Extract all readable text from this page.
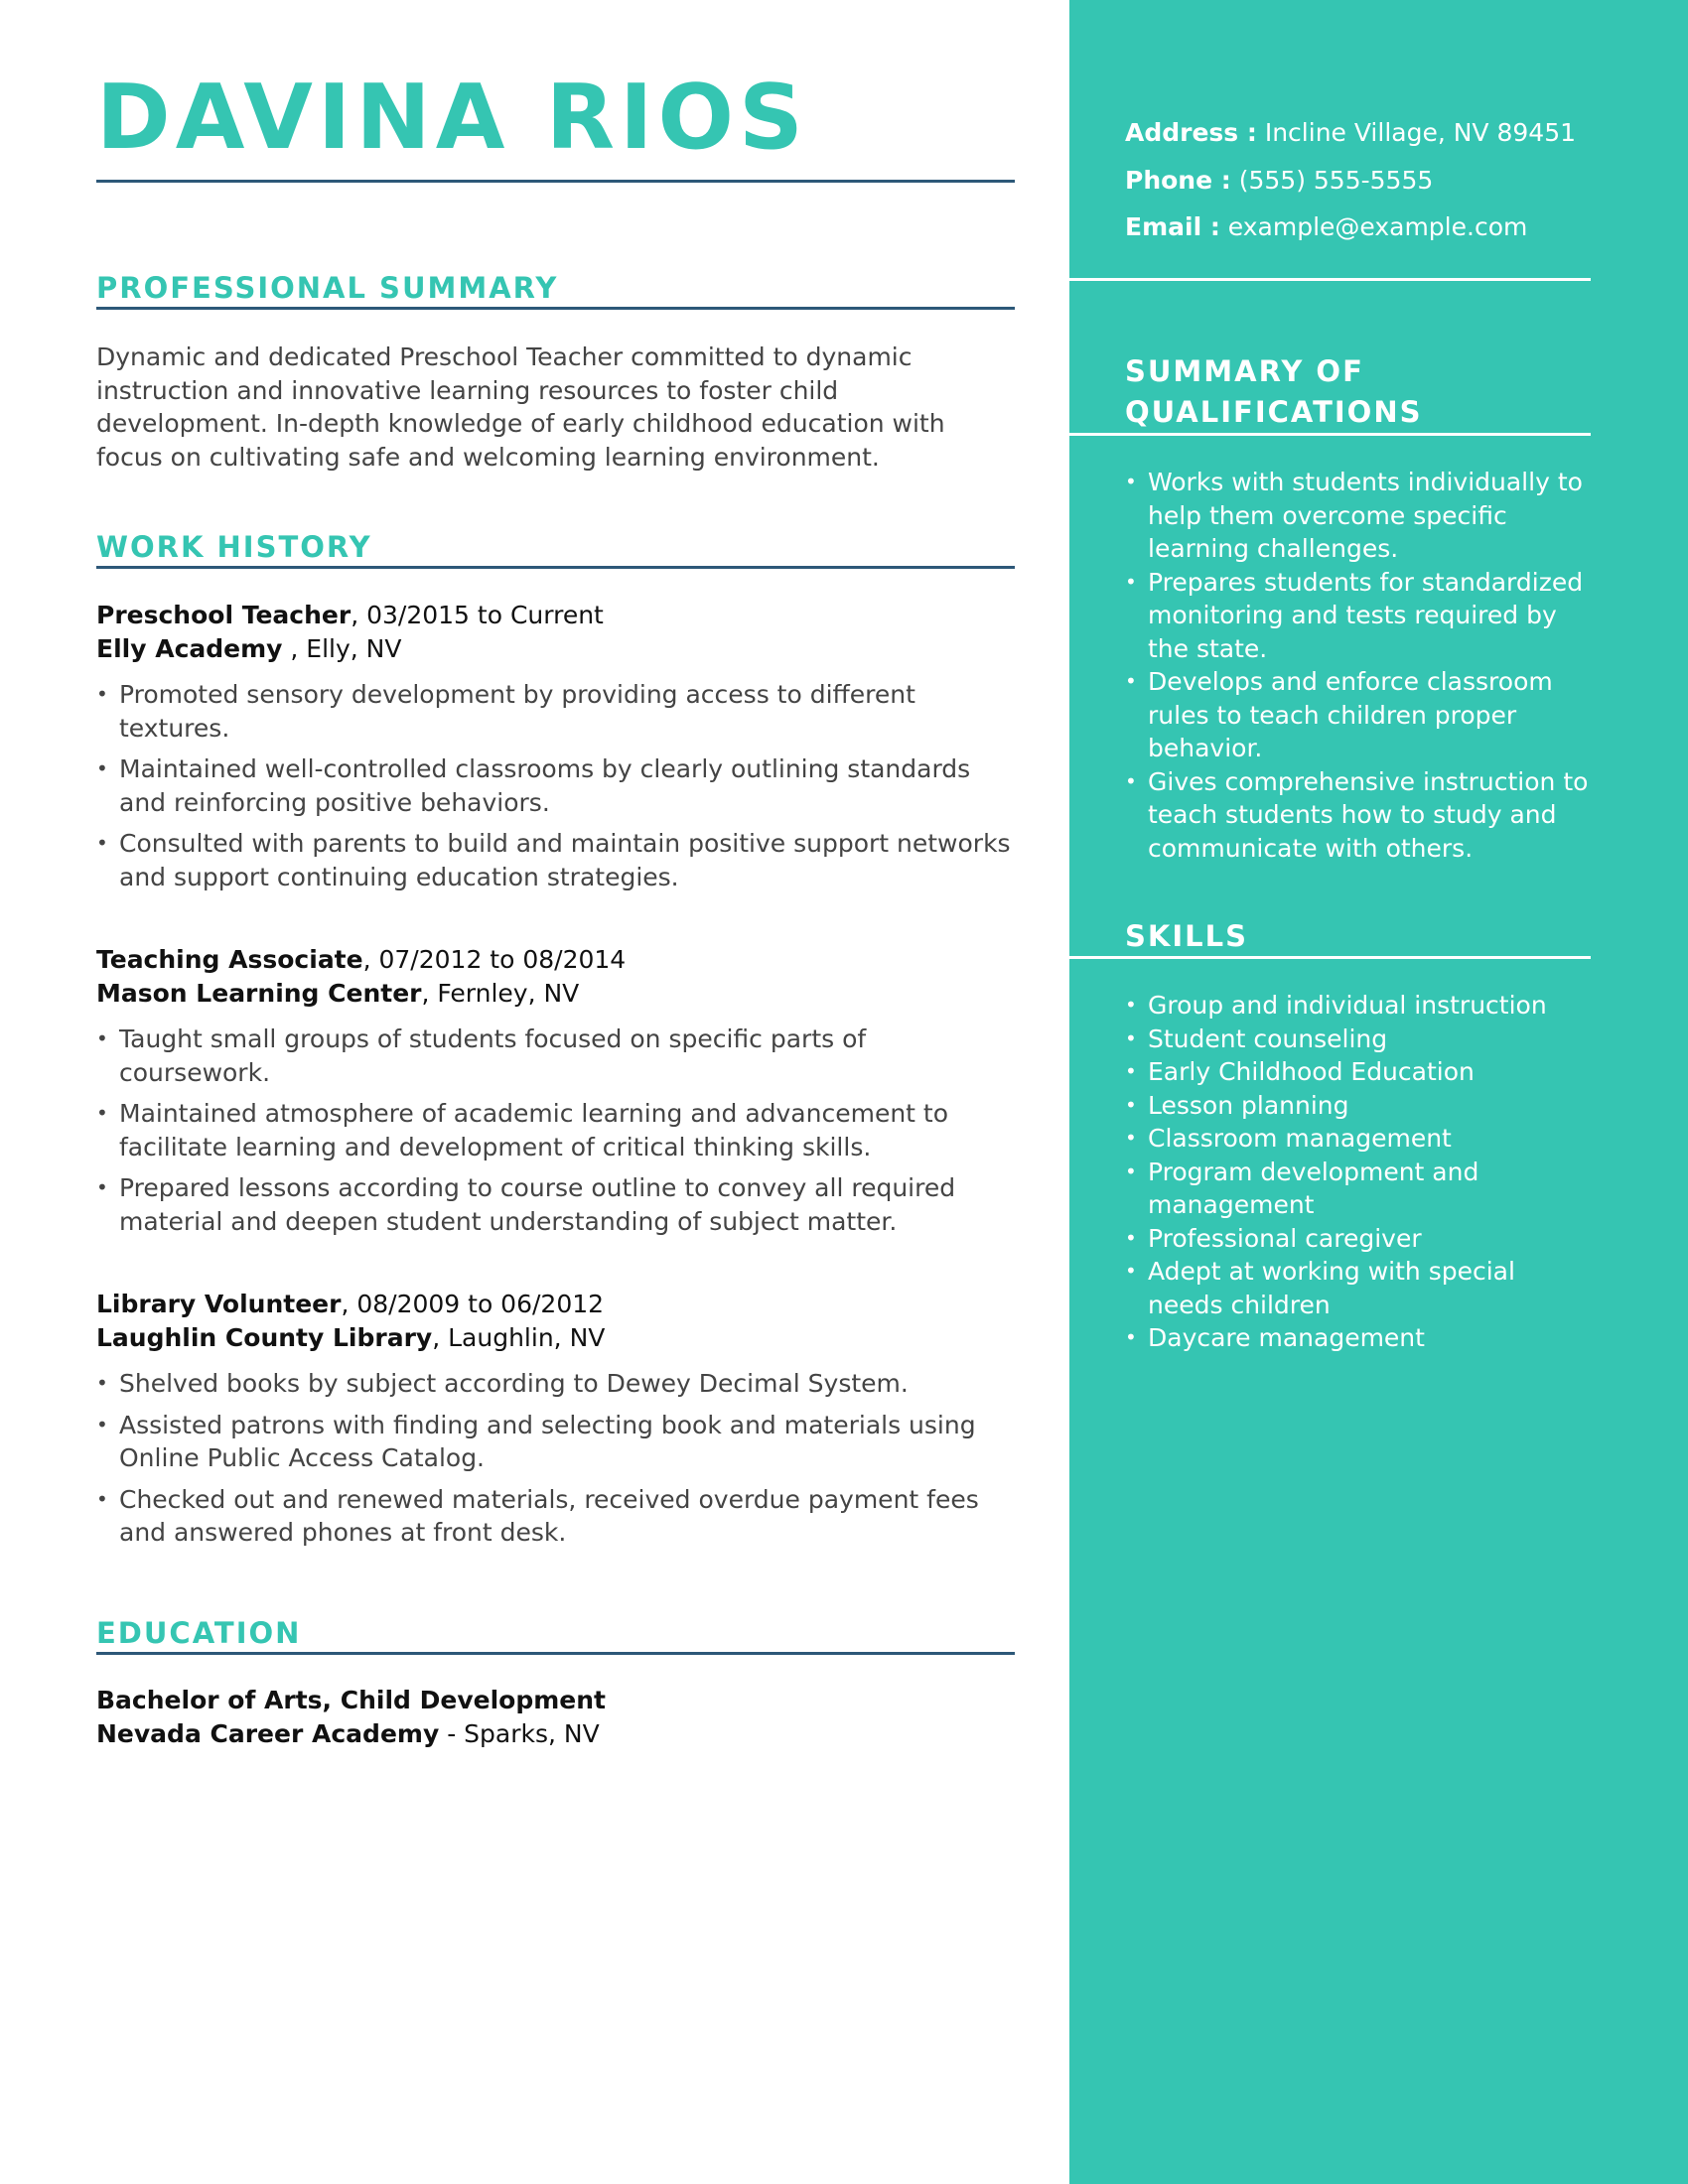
DAVINA RIOS
PROFESSIONAL SUMMARY

Dynamic and dedicated Preschool Teacher committed to dynamic instruction and innovative learning resources to foster child development. In-depth knowledge of early childhood education with focus on cultivating safe and welcoming learning environment.

WORK HISTORY
Preschool Teacher, 03/2015 to Current
Elly Academy , Elly, NV
• Promoted sensory development by providing access to different textures.
• Maintained well-controlled classrooms by clearly outlining standards and reinforcing positive behaviors.
• Consulted with parents to build and maintain positive support networks and support continuing education strategies.
Teaching Associate, 07/2012 to 08/2014
Mason Learning Center, Fernley, NV
• Taught small groups of students focused on specific parts of coursework.
• Maintained atmosphere of academic learning and advancement to facilitate learning and development of critical thinking skills.
• Prepared lessons according to course outline to convey all required material and deepen student understanding of subject matter.
Library Volunteer, 08/2009 to 06/2012
Laughlin County Library, Laughlin, NV
• Shelved books by subject according to Dewey Decimal System.
• Assisted patrons with finding and selecting book and materials using Online Public Access Catalog.
• Checked out and renewed materials, received overdue payment fees and answered phones at front desk.
EDUCATION
Bachelor of Arts, Child Development
Nevada Career Academy - Sparks, NV
Address : Incline Village, NV 89451
Phone : (555) 555-5555
Email : example@example.com
SUMMARY OF QUALIFICATIONS
• Works with students individually to help them overcome specific learning challenges.
• Prepares students for standardized monitoring and tests required by the state.
• Develops and enforce classroom rules to teach children proper behavior.
• Gives comprehensive instruction to teach students how to study and communicate with others.
SKILLS
• Group and individual instruction
• Student counseling
• Early Childhood Education
• Lesson planning
• Classroom management
• Program development and management
• Professional caregiver
• Adept at working with special needs children
• Daycare management
